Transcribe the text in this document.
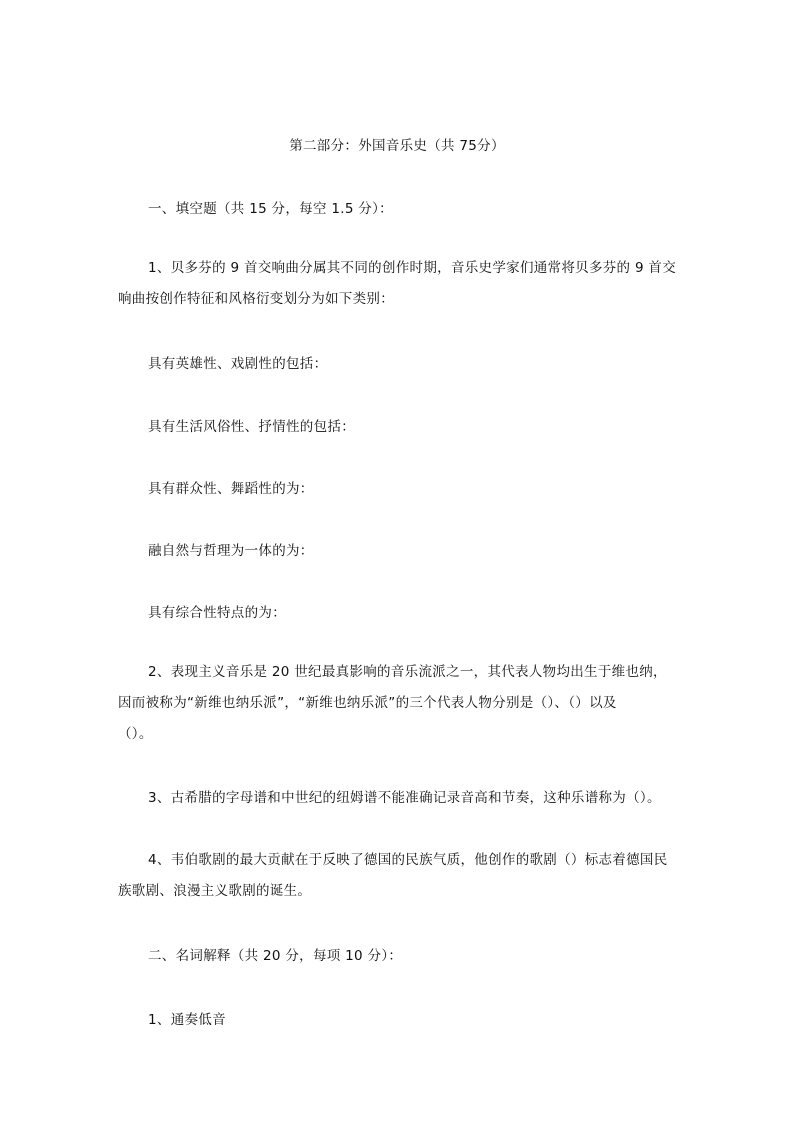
第二部分：外国音乐史（共 75分）
一、填空题（共 15 分，每空 1.5 分）：
1、贝多芬的 9 首交响曲分属其不同的创作时期，音乐史学家们通常将贝多芬的 9 首交
响曲按创作特征和风格衍变划分为如下类别：
具有英雄性、戏剧性的包括：
具有生活风俗性、抒情性的包括：
具有群众性、舞蹈性的为：
融自然与哲理为一体的为：
具有综合性特点的为：
2、表现主义音乐是 20 世纪最真影响的音乐流派之一，其代表人物均出生于维也纳，
因而被称为“新维也纳乐派”，“新维也纳乐派”的三个代表人物分别是（）、（）以及
（）。
3、古希腊的字母谱和中世纪的纽姆谱不能准确记录音高和节奏，这种乐谱称为（）。
4、韦伯歌剧的最大贡献在于反映了德国的民族气质，他创作的歌剧（）标志着德国民
族歌剧、浪漫主义歌剧的诞生。
二、名词解释（共 20 分，每项 10 分）：
1、通奏低音
